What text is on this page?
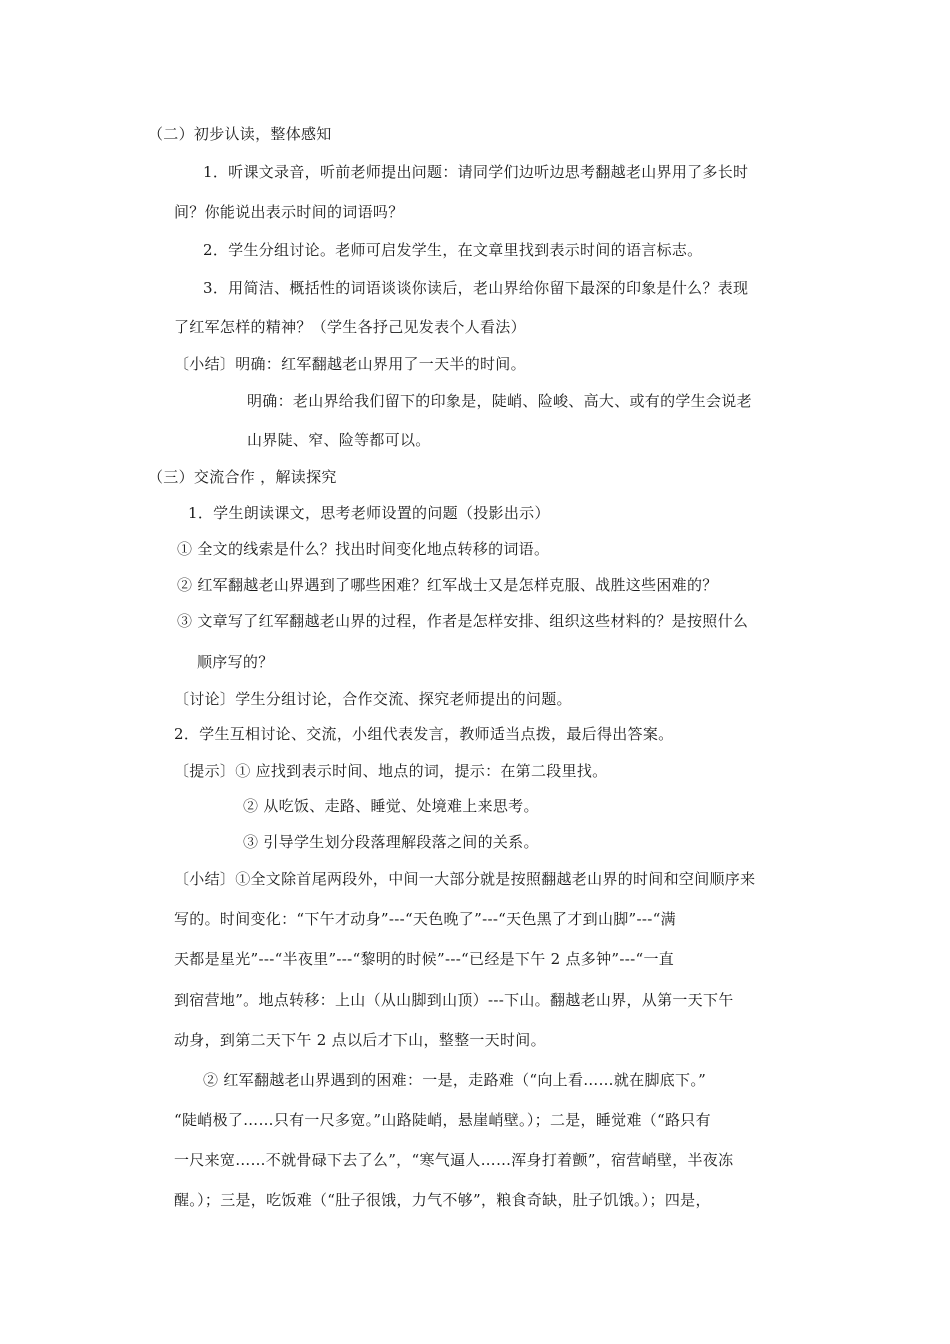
（二）初步认读，整体感知
1．听课文录音，听前老师提出问题：请同学们边听边思考翻越老山界用了多长时
间？你能说出表示时间的词语吗？
2．学生分组讨论。老师可启发学生，在文章里找到表示时间的语言标志。
3．用简洁、概括性的词语谈谈你读后，老山界给你留下最深的印象是什么？表现
了红军怎样的精神？（学生各抒己见发表个人看法）
〔小结〕明确：红军翻越老山界用了一天半的时间。
明确：老山界给我们留下的印象是，陡峭、险峻、高大、或有的学生会说老
山界陡、窄、险等都可以。
（三）交流合作 ，解读探究
1．学生朗读课文，思考老师设置的问题（投影出示）
① 全文的线索是什么？找出时间变化地点转移的词语。
② 红军翻越老山界遇到了哪些困难？红军战士又是怎样克服、战胜这些困难的？
③ 文章写了红军翻越老山界的过程，作者是怎样安排、组织这些材料的？是按照什么
顺序写的？
〔讨论〕学生分组讨论，合作交流、探究老师提出的问题。
2．学生互相讨论、交流，小组代表发言，教师适当点拨，最后得出答案。
〔提示〕① 应找到表示时间、地点的词，提示：在第二段里找。
② 从吃饭、走路、睡觉、处境难上来思考。
③ 引导学生划分段落理解段落之间的关系。
〔小结〕①全文除首尾两段外，中间一大部分就是按照翻越老山界的时间和空间顺序来
写的。时间变化：“下午才动身”---“天色晚了”---“天色黑了才到山脚”---“满
天都是星光”---“半夜里”---“黎明的时候”---“已经是下午 2 点多钟”---“一直
到宿营地”。地点转移：上山（从山脚到山顶）---下山。翻越老山界，从第一天下午
动身，到第二天下午 2 点以后才下山，整整一天时间。
② 红军翻越老山界遇到的困难：一是，走路难（“向上看……就在脚底下。”
“陡峭极了……只有一尺多宽。”山路陡峭，悬崖峭壁。）；二是，睡觉难（“路只有
一尺来宽……不就骨碌下去了么”，“寒气逼人……浑身打着颤”，宿营峭壁，半夜冻
醒。）；三是，吃饭难（“肚子很饿，力气不够”，粮食奇缺，肚子饥饿。）；四是，
